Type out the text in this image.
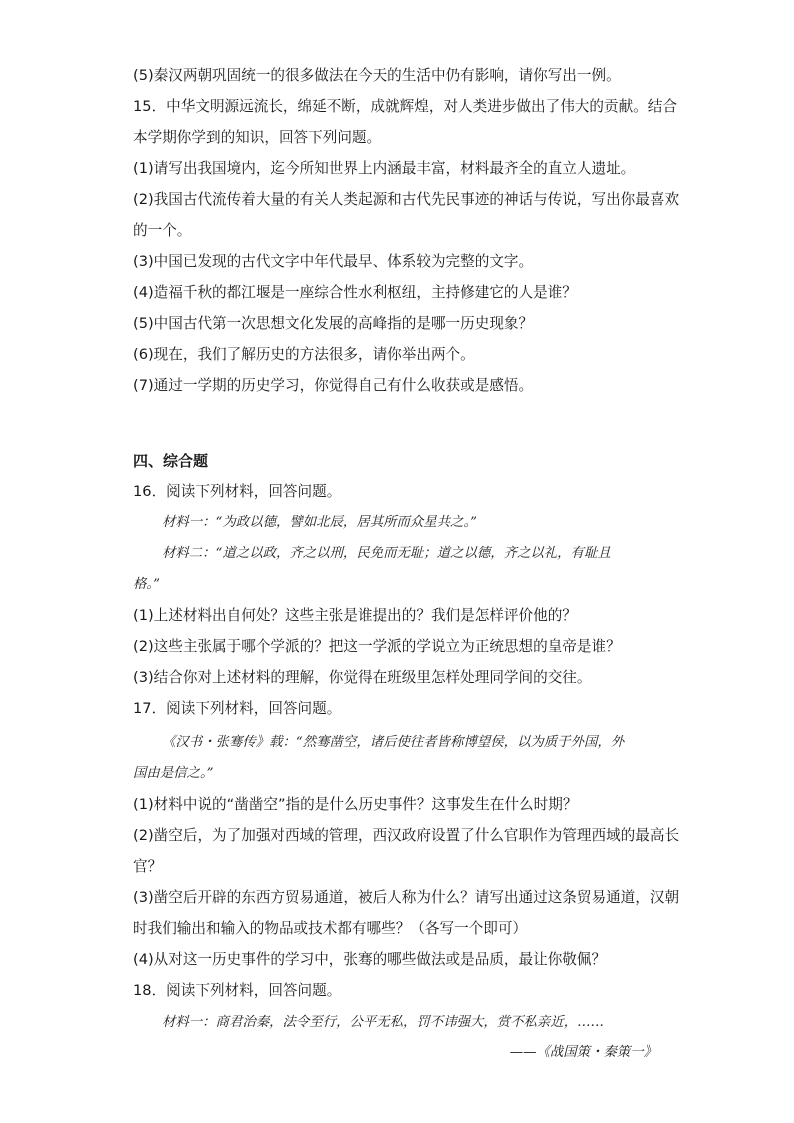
(5)秦汉两朝巩固统一的很多做法在今天的生活中仍有影响，请你写出一例。
15．中华文明源远流长，绵延不断，成就辉煌，对人类进步做出了伟大的贡献。结合
本学期你学到的知识，回答下列问题。
(1)请写出我国境内，迄今所知世界上内涵最丰富，材料最齐全的直立人遗址。
(2)我国古代流传着大量的有关人类起源和古代先民事迹的神话与传说，写出你最喜欢
的一个。
(3)中国已发现的古代文字中年代最早、体系较为完整的文字。
(4)造福千秋的都江堰是一座综合性水利枢纽，主持修建它的人是谁？
(5)中国古代第一次思想文化发展的高峰指的是哪一历史现象？
(6)现在，我们了解历史的方法很多，请你举出两个。
(7)通过一学期的历史学习，你觉得自己有什么收获或是感悟。
四、综合题
16．阅读下列材料，回答问题。
材料一：“为政以德，譬如北辰，居其所而众星共之。”
材料二：“道之以政，齐之以刑，民免而无耻；道之以德，齐之以礼，有耻且
格。”
(1)上述材料出自何处？这些主张是谁提出的？我们是怎样评价他的？
(2)这些主张属于哪个学派的？把这一学派的学说立为正统思想的皇帝是谁？
(3)结合你对上述材料的理解，你觉得在班级里怎样处理同学间的交往。
17．阅读下列材料，回答问题。
《汉书・张骞传》载：“然骞凿空，诸后使往者皆称博望侯，以为质于外国，外
国由是信之。”
(1)材料中说的“凿凿空”指的是什么历史事件？这事发生在什么时期？
(2)凿空后，为了加强对西域的管理，西汉政府设置了什么官职作为管理西域的最高长
官？
(3)凿空后开辟的东西方贸易通道，被后人称为什么？请写出通过这条贸易通道，汉朝
时我们输出和输入的物品或技术都有哪些？（各写一个即可）
(4)从对这一历史事件的学习中，张骞的哪些做法或是品质，最让你敬佩？
18．阅读下列材料，回答问题。
材料一：商君治秦，法令至行，公平无私，罚不讳强大，赏不私亲近，……
——《战国策・秦策一》
